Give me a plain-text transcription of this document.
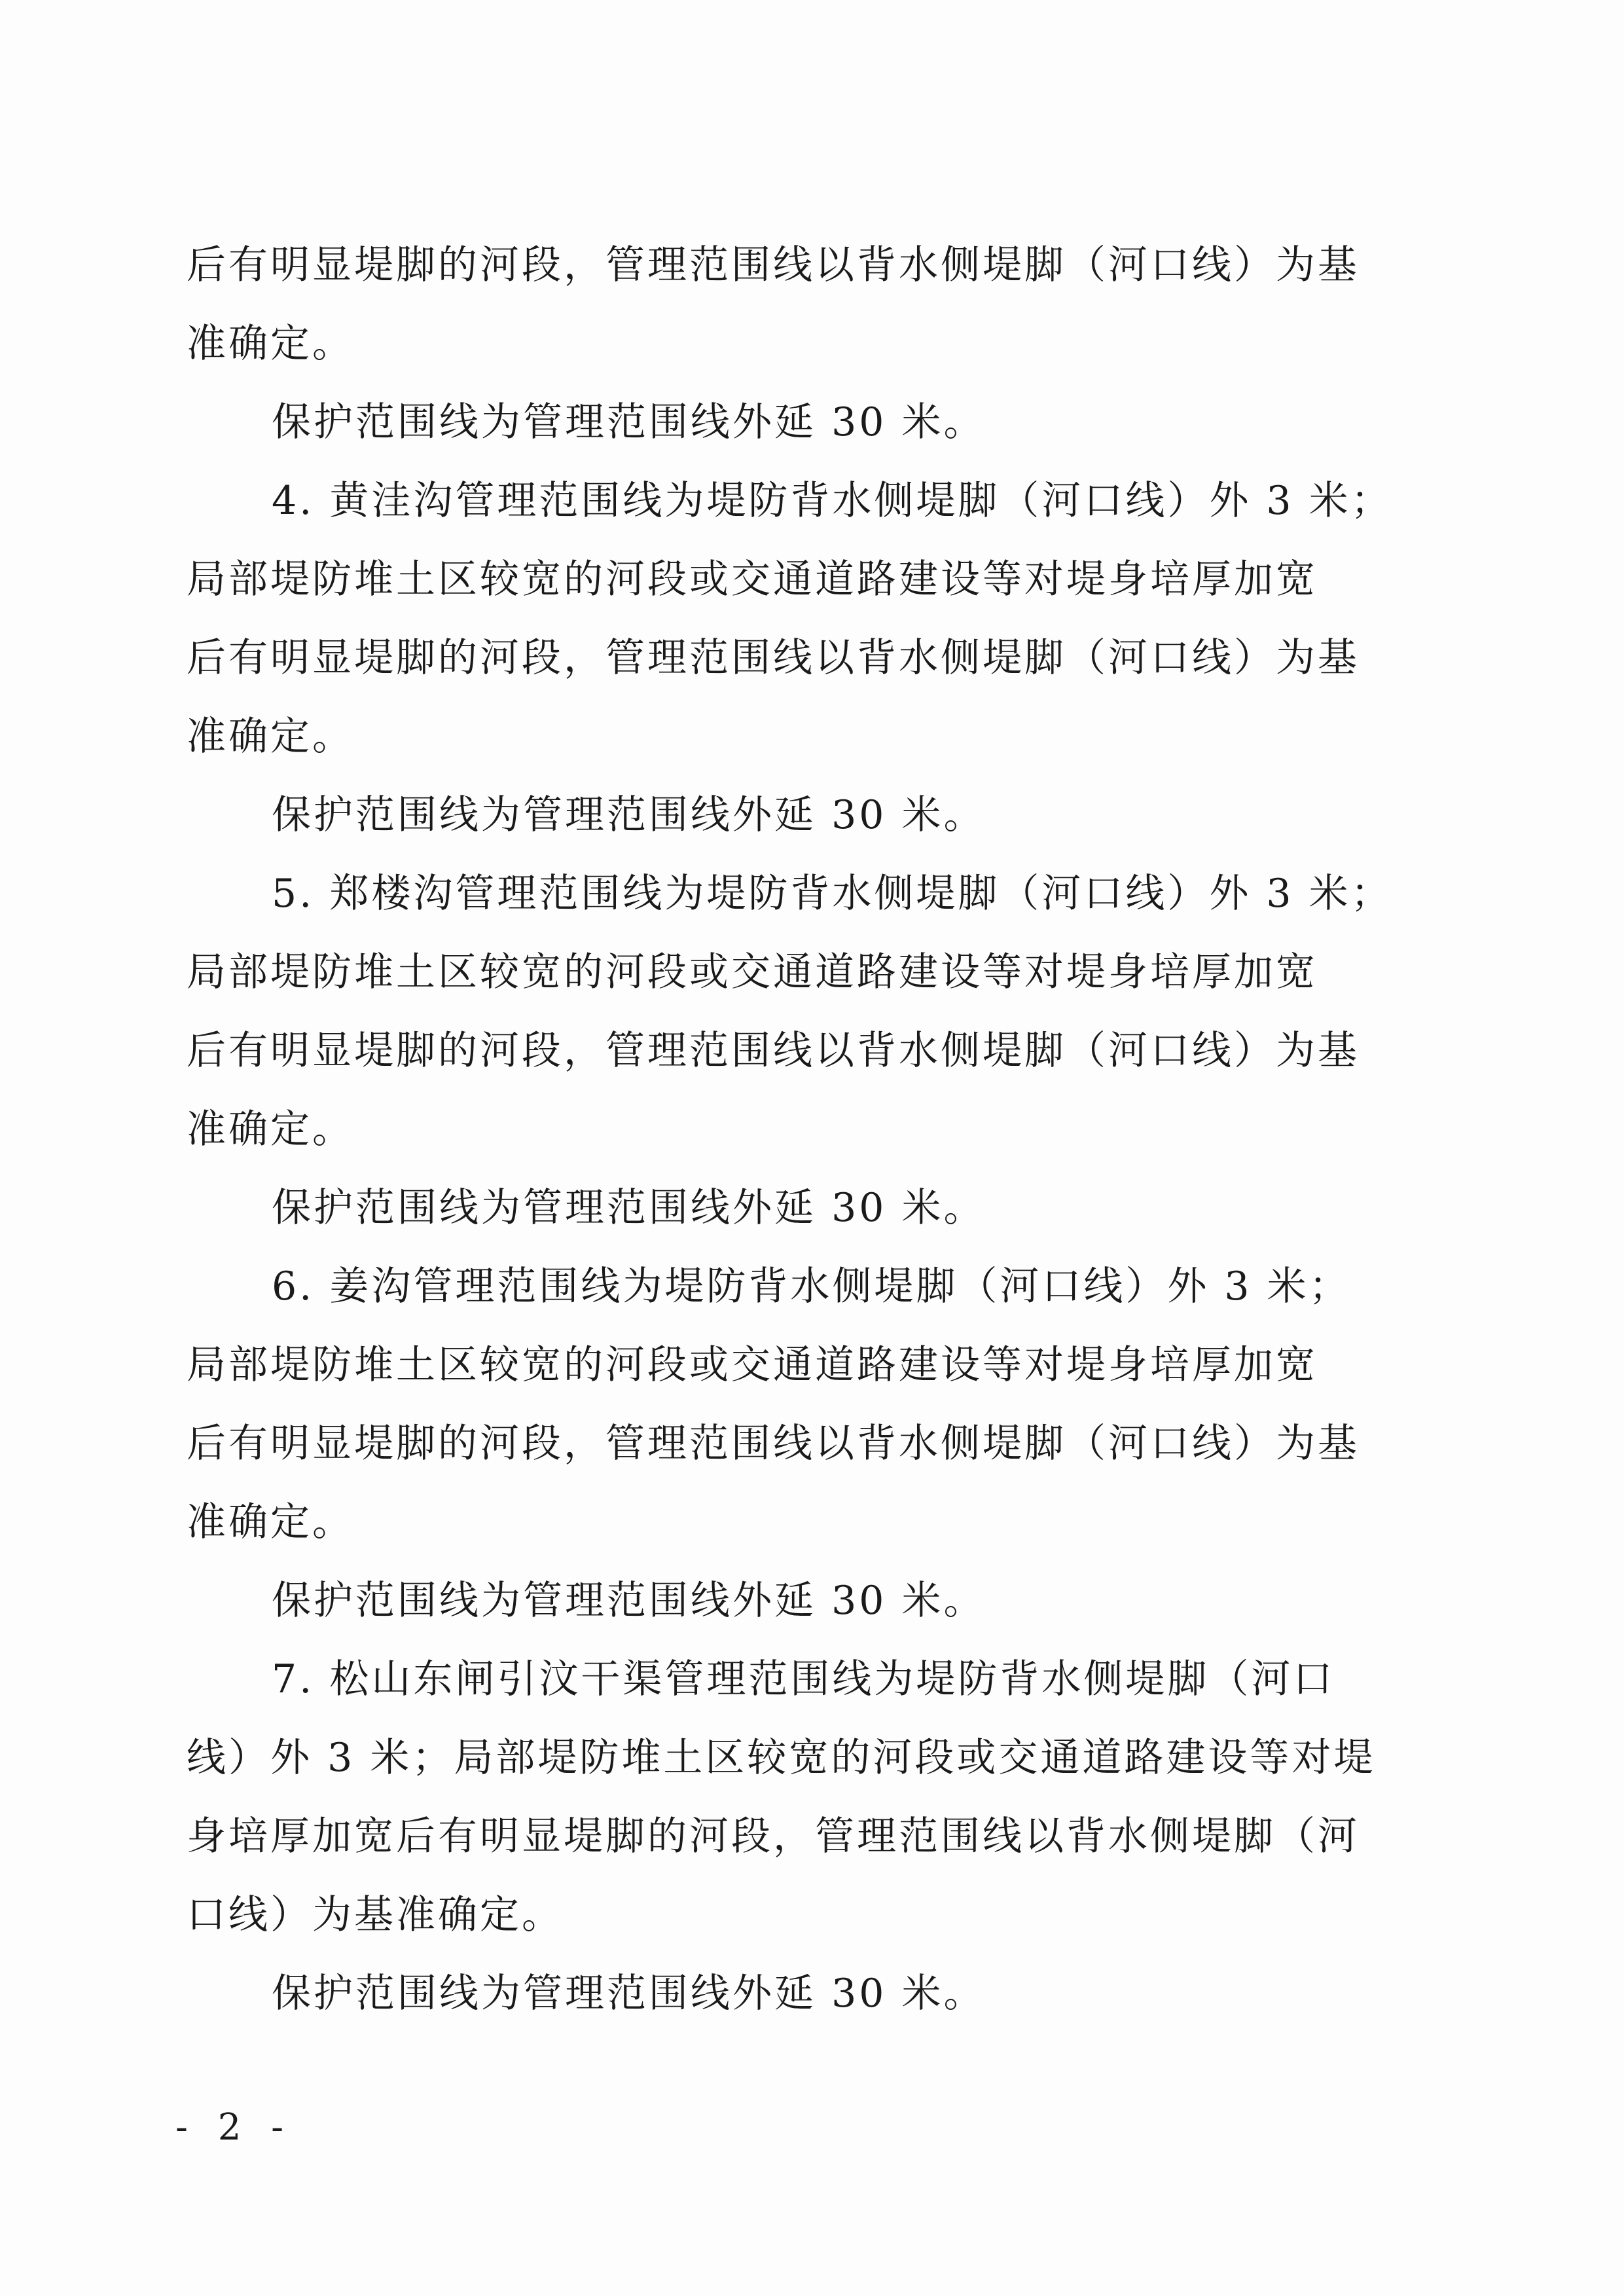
后有明显堤脚的河段，管理范围线以背水侧堤脚（河口线）为基
准确定。
保护范围线为管理范围线外延 30 米。
4. 黄洼沟管理范围线为堤防背水侧堤脚（河口线）外 3 米；
局部堤防堆土区较宽的河段或交通道路建设等对堤身培厚加宽
后有明显堤脚的河段，管理范围线以背水侧堤脚（河口线）为基
准确定。
保护范围线为管理范围线外延 30 米。
5. 郑楼沟管理范围线为堤防背水侧堤脚（河口线）外 3 米；
局部堤防堆土区较宽的河段或交通道路建设等对堤身培厚加宽
后有明显堤脚的河段，管理范围线以背水侧堤脚（河口线）为基
准确定。
保护范围线为管理范围线外延 30 米。
6. 姜沟管理范围线为堤防背水侧堤脚（河口线）外 3 米；
局部堤防堆土区较宽的河段或交通道路建设等对堤身培厚加宽
后有明显堤脚的河段，管理范围线以背水侧堤脚（河口线）为基
准确定。
保护范围线为管理范围线外延 30 米。
7. 松山东闸引汶干渠管理范围线为堤防背水侧堤脚（河口
线）外 3 米；局部堤防堆土区较宽的河段或交通道路建设等对堤
身培厚加宽后有明显堤脚的河段，管理范围线以背水侧堤脚（河
口线）为基准确定。
保护范围线为管理范围线外延 30 米。
- 2 -
